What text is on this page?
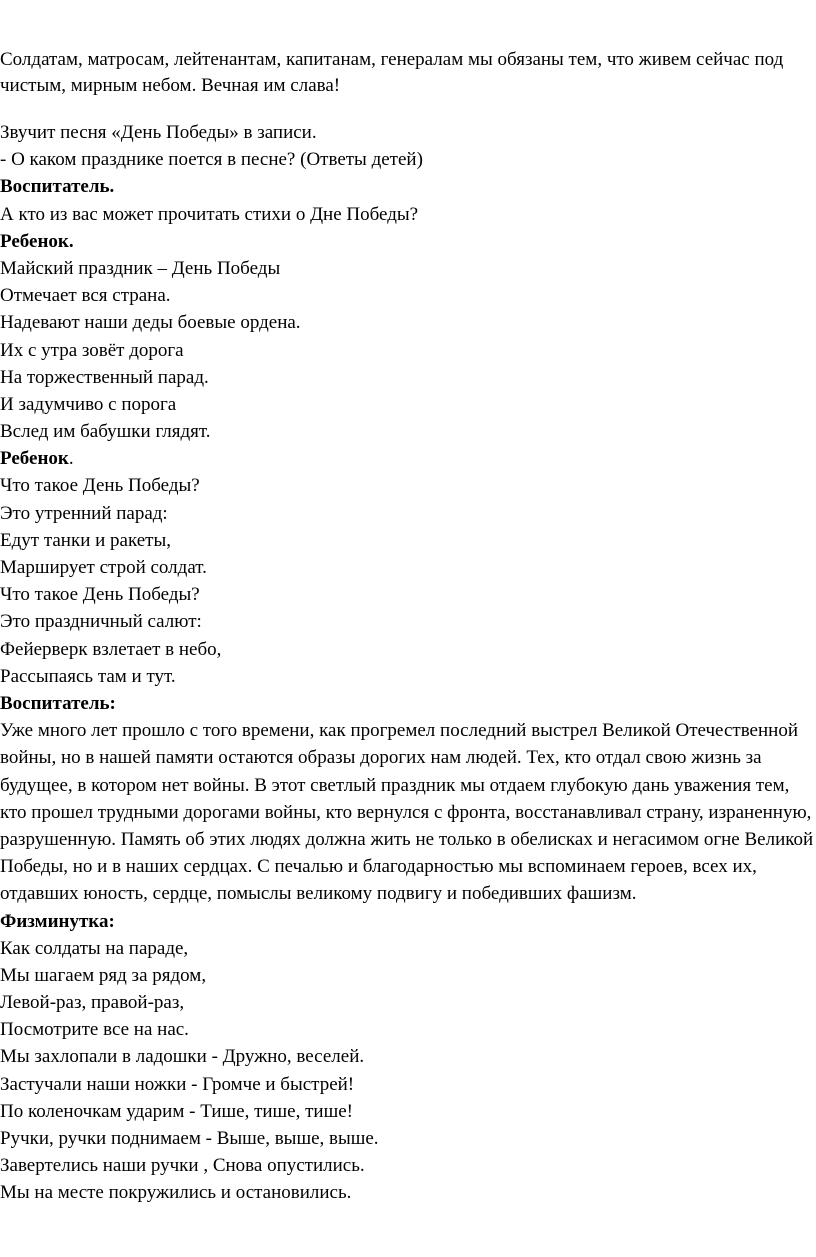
Солдатам, матросам, лейтенантам, капитанам, генералам мы обязаны тем, что живем сейчас под чистым, мирным небом. Вечная им слава!
Звучит песня «День Победы» в записи.
- О каком празднике поется в песне? (Ответы детей)
Воспитатель.
А кто из вас может прочитать стихи о Дне Победы?
Ребенок.
Майский праздник – День Победы
Отмечает вся страна.
Надевают наши деды боевые ордена.
Их с утра зовёт дорога
На торжественный парад.
И задумчиво с порога
Вслед им бабушки глядят.
Ребенок.
Что такое День Победы?
Это утренний парад:
Едут танки и ракеты,
Марширует строй солдат.
Что такое День Победы?
Это праздничный салют:
Фейерверк взлетает в небо,
Рассыпаясь там и тут.
Воспитатель:
Уже много лет прошло с того времени, как прогремел последний выстрел Великой Отечественной войны, но в нашей памяти остаются образы дорогих нам людей. Тех, кто отдал свою жизнь за будущее, в котором нет войны. В этот светлый праздник мы отдаем глубокую дань уважения тем, кто прошел трудными дорогами войны, кто вернулся с фронта, восстанавливал страну, израненную, разрушенную. Память об этих людях должна жить не только в обелисках и негасимом огне Великой Победы, но и в наших сердцах. С печалью и благодарностью мы вспоминаем героев, всех их, отдавших юность, сердце, помыслы великому подвигу и победивших фашизм.
Физминутка:
Как солдаты на параде,
Мы шагаем ряд за рядом,
Левой-раз, правой-раз,
Посмотрите все на нас.
Мы захлопали в ладошки - Дружно, веселей.
Застучали наши ножки - Громче и быстрей!
По коленочкам ударим - Тише, тише, тише!
Ручки, ручки поднимаем - Выше, выше, выше.
Завертелись наши ручки , Снова опустились.
Мы на месте покружились и остановились.
